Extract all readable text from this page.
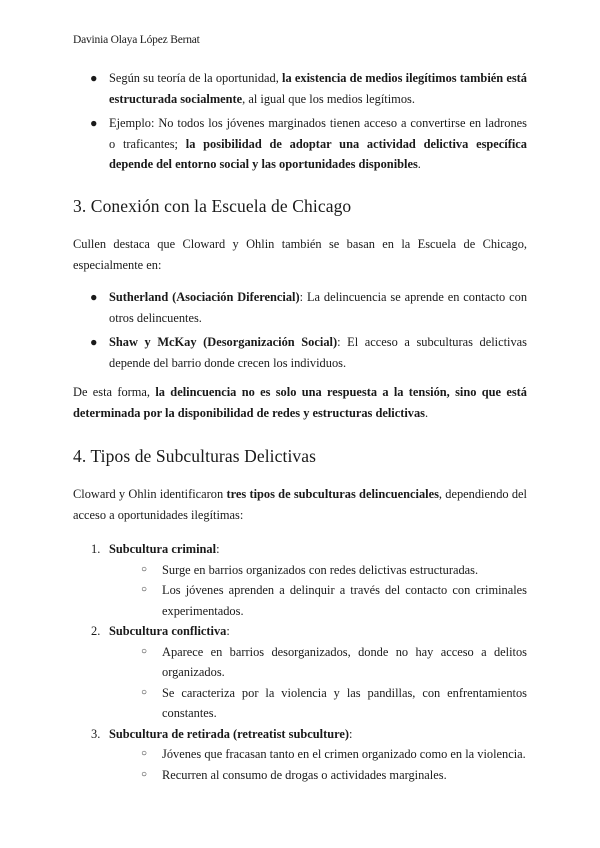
Davinia Olaya López Bernat
● Según su teoría de la oportunidad, la existencia de medios ilegítimos también está estructurada socialmente, al igual que los medios legítimos.
● Ejemplo: No todos los jóvenes marginados tienen acceso a convertirse en ladrones o traficantes; la posibilidad de adoptar una actividad delictiva específica depende del entorno social y las oportunidades disponibles.
3. Conexión con la Escuela de Chicago
Cullen destaca que Cloward y Ohlin también se basan en la Escuela de Chicago, especialmente en:
● Sutherland (Asociación Diferencial): La delincuencia se aprende en contacto con otros delincuentes.
● Shaw y McKay (Desorganización Social): El acceso a subculturas delictivas depende del barrio donde crecen los individuos.
De esta forma, la delincuencia no es solo una respuesta a la tensión, sino que está determinada por la disponibilidad de redes y estructuras delictivas.
4. Tipos de Subculturas Delictivas
Cloward y Ohlin identificaron tres tipos de subculturas delincuenciales, dependiendo del acceso a oportunidades ilegítimas:
1. Subcultura criminal:
○ Surge en barrios organizados con redes delictivas estructuradas.
○ Los jóvenes aprenden a delinquir a través del contacto con criminales experimentados.
2. Subcultura conflictiva:
○ Aparece en barrios desorganizados, donde no hay acceso a delitos organizados.
○ Se caracteriza por la violencia y las pandillas, con enfrentamientos constantes.
3. Subcultura de retirada (retreatist subculture):
○ Jóvenes que fracasan tanto en el crimen organizado como en la violencia.
○ Recurren al consumo de drogas o actividades marginales.
